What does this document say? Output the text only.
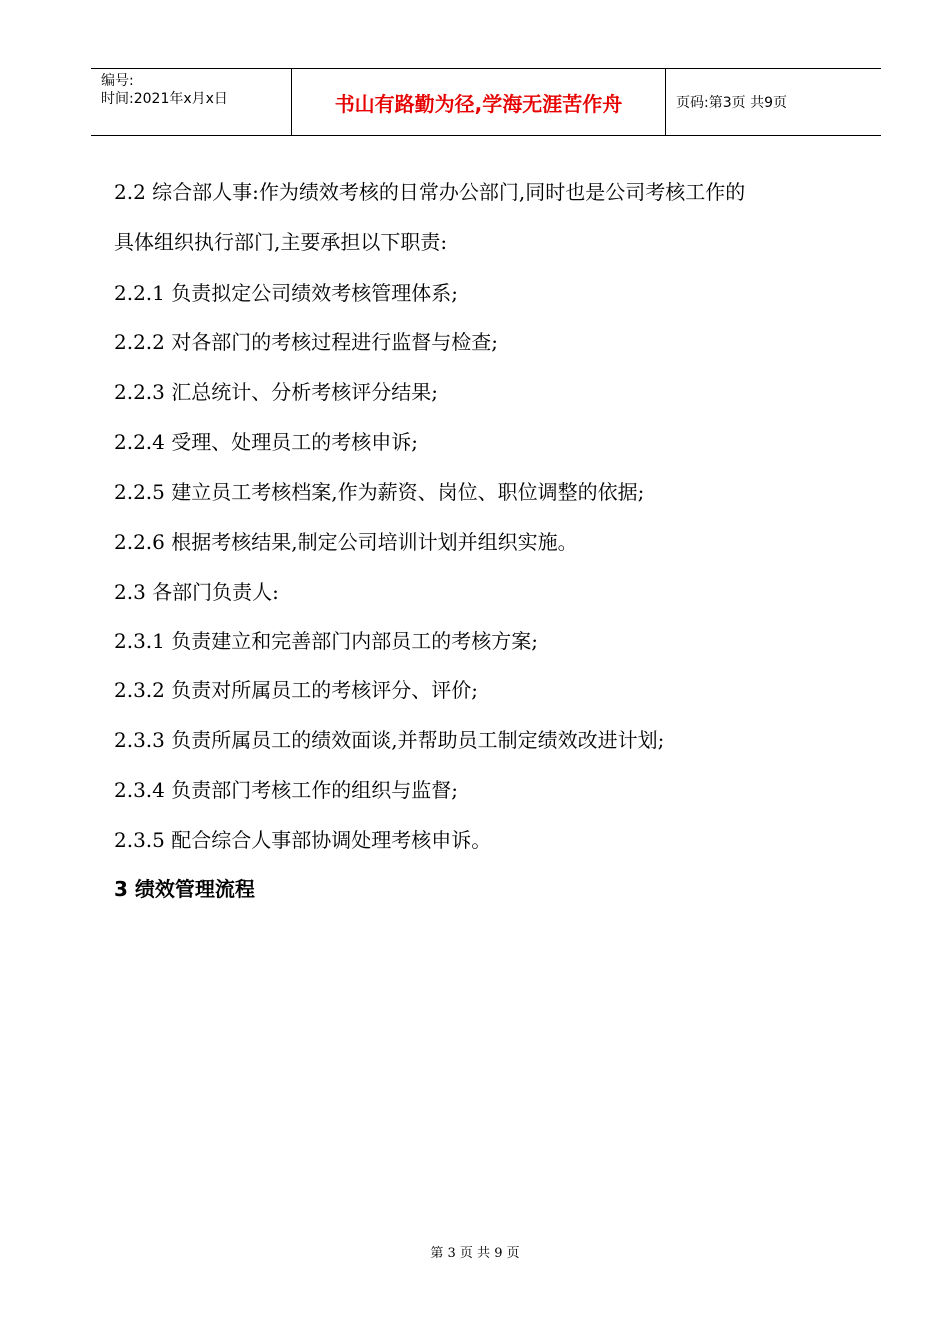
编号:
时间:2021年x月x日	书山有路勤为径,学海无涯苦作舟	页码:第3页 共9页
2.2 综合部人事:作为绩效考核的日常办公部门,同时也是公司考核工作的
具体组织执行部门,主要承担以下职责:
2.2.1 负责拟定公司绩效考核管理体系;
2.2.2 对各部门的考核过程进行监督与检查;
2.2.3 汇总统计、分析考核评分结果;
2.2.4 受理、处理员工的考核申诉;
2.2.5 建立员工考核档案,作为薪资、岗位、职位调整的依据;
2.2.6 根据考核结果,制定公司培训计划并组织实施。
2.3 各部门负责人:
2.3.1 负责建立和完善部门内部员工的考核方案;
2.3.2 负责对所属员工的考核评分、评价;
2.3.3 负责所属员工的绩效面谈,并帮助员工制定绩效改进计划;
2.3.4 负责部门考核工作的组织与监督;
2.3.5 配合综合人事部协调处理考核申诉。
3 绩效管理流程
第 3 页 共 9 页
